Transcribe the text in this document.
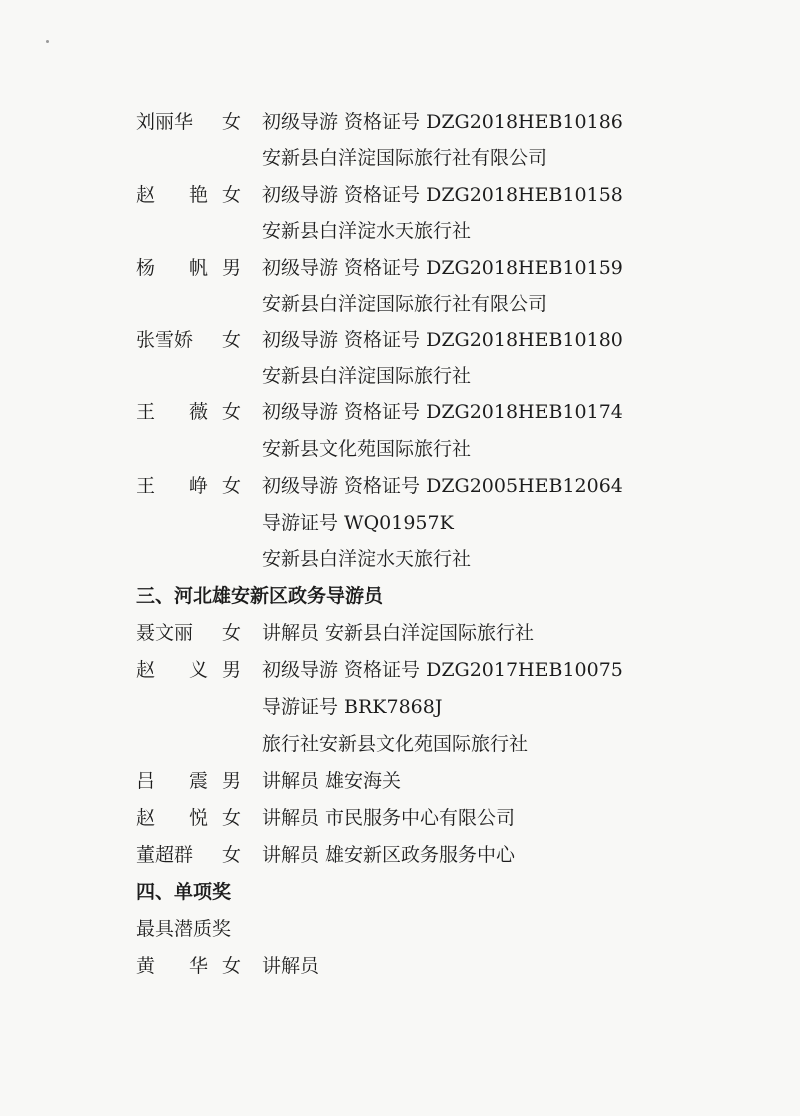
刘丽华	女 初级导游 资格证号 DZG2018HEB10186
安新县白洋淀国际旅行社有限公司
赵 艳 女 初级导游 资格证号 DZG2018HEB10158
安新县白洋淀水天旅行社
杨 帆 男 初级导游 资格证号 DZG2018HEB10159
安新县白洋淀国际旅行社有限公司
张雪娇	女 初级导游 资格证号 DZG2018HEB10180
安新县白洋淀国际旅行社
王 薇 女 初级导游 资格证号 DZG2018HEB10174
安新县文化苑国际旅行社
王 峥 女 初级导游 资格证号 DZG2005HEB12064
导游证号 WQ01957K
安新县白洋淀水天旅行社
三、河北雄安新区政务导游员
聂文丽	女 讲解员 安新县白洋淀国际旅行社
赵 义 男 初级导游 资格证号 DZG2017HEB10075
导游证号 BRK7868J
旅行社安新县文化苑国际旅行社
吕 震 男 讲解员 雄安海关
赵 悦 女 讲解员 市民服务中心有限公司
董超群	女 讲解员 雄安新区政务服务中心
四、单项奖
最具潜质奖
黄 华 女 讲解员
